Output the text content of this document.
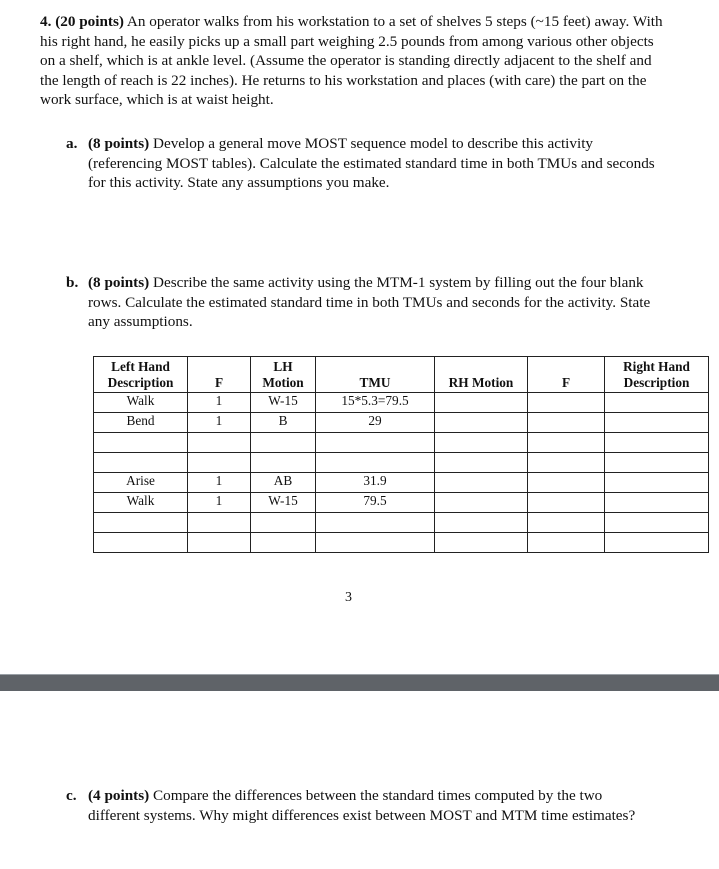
4. (20 points) An operator walks from his workstation to a set of shelves 5 steps (~15 feet) away. With his right hand, he easily picks up a small part weighing 2.5 pounds from among various other objects on a shelf, which is at ankle level. (Assume the operator is standing directly adjacent to the shelf and the length of reach is 22 inches). He returns to his workstation and places (with care) the part on the work surface, which is at waist height.
a. (8 points) Develop a general move MOST sequence model to describe this activity (referencing MOST tables). Calculate the estimated standard time in both TMUs and seconds for this activity. State any assumptions you make.
b. (8 points) Describe the same activity using the MTM-1 system by filling out the four blank rows. Calculate the estimated standard time in both TMUs and seconds for the activity. State any assumptions.
Left Hand Description	F	LH Motion	TMU	RH Motion	F	Right Hand Description
Walk	1	W-15	15*5.3=79.5			
Bend	1	B	29			

Arise	1	AB	31.9			
Walk	1	W-15	79.5			

3
c. (4 points) Compare the differences between the standard times computed by the two different systems. Why might differences exist between MOST and MTM time estimates?
